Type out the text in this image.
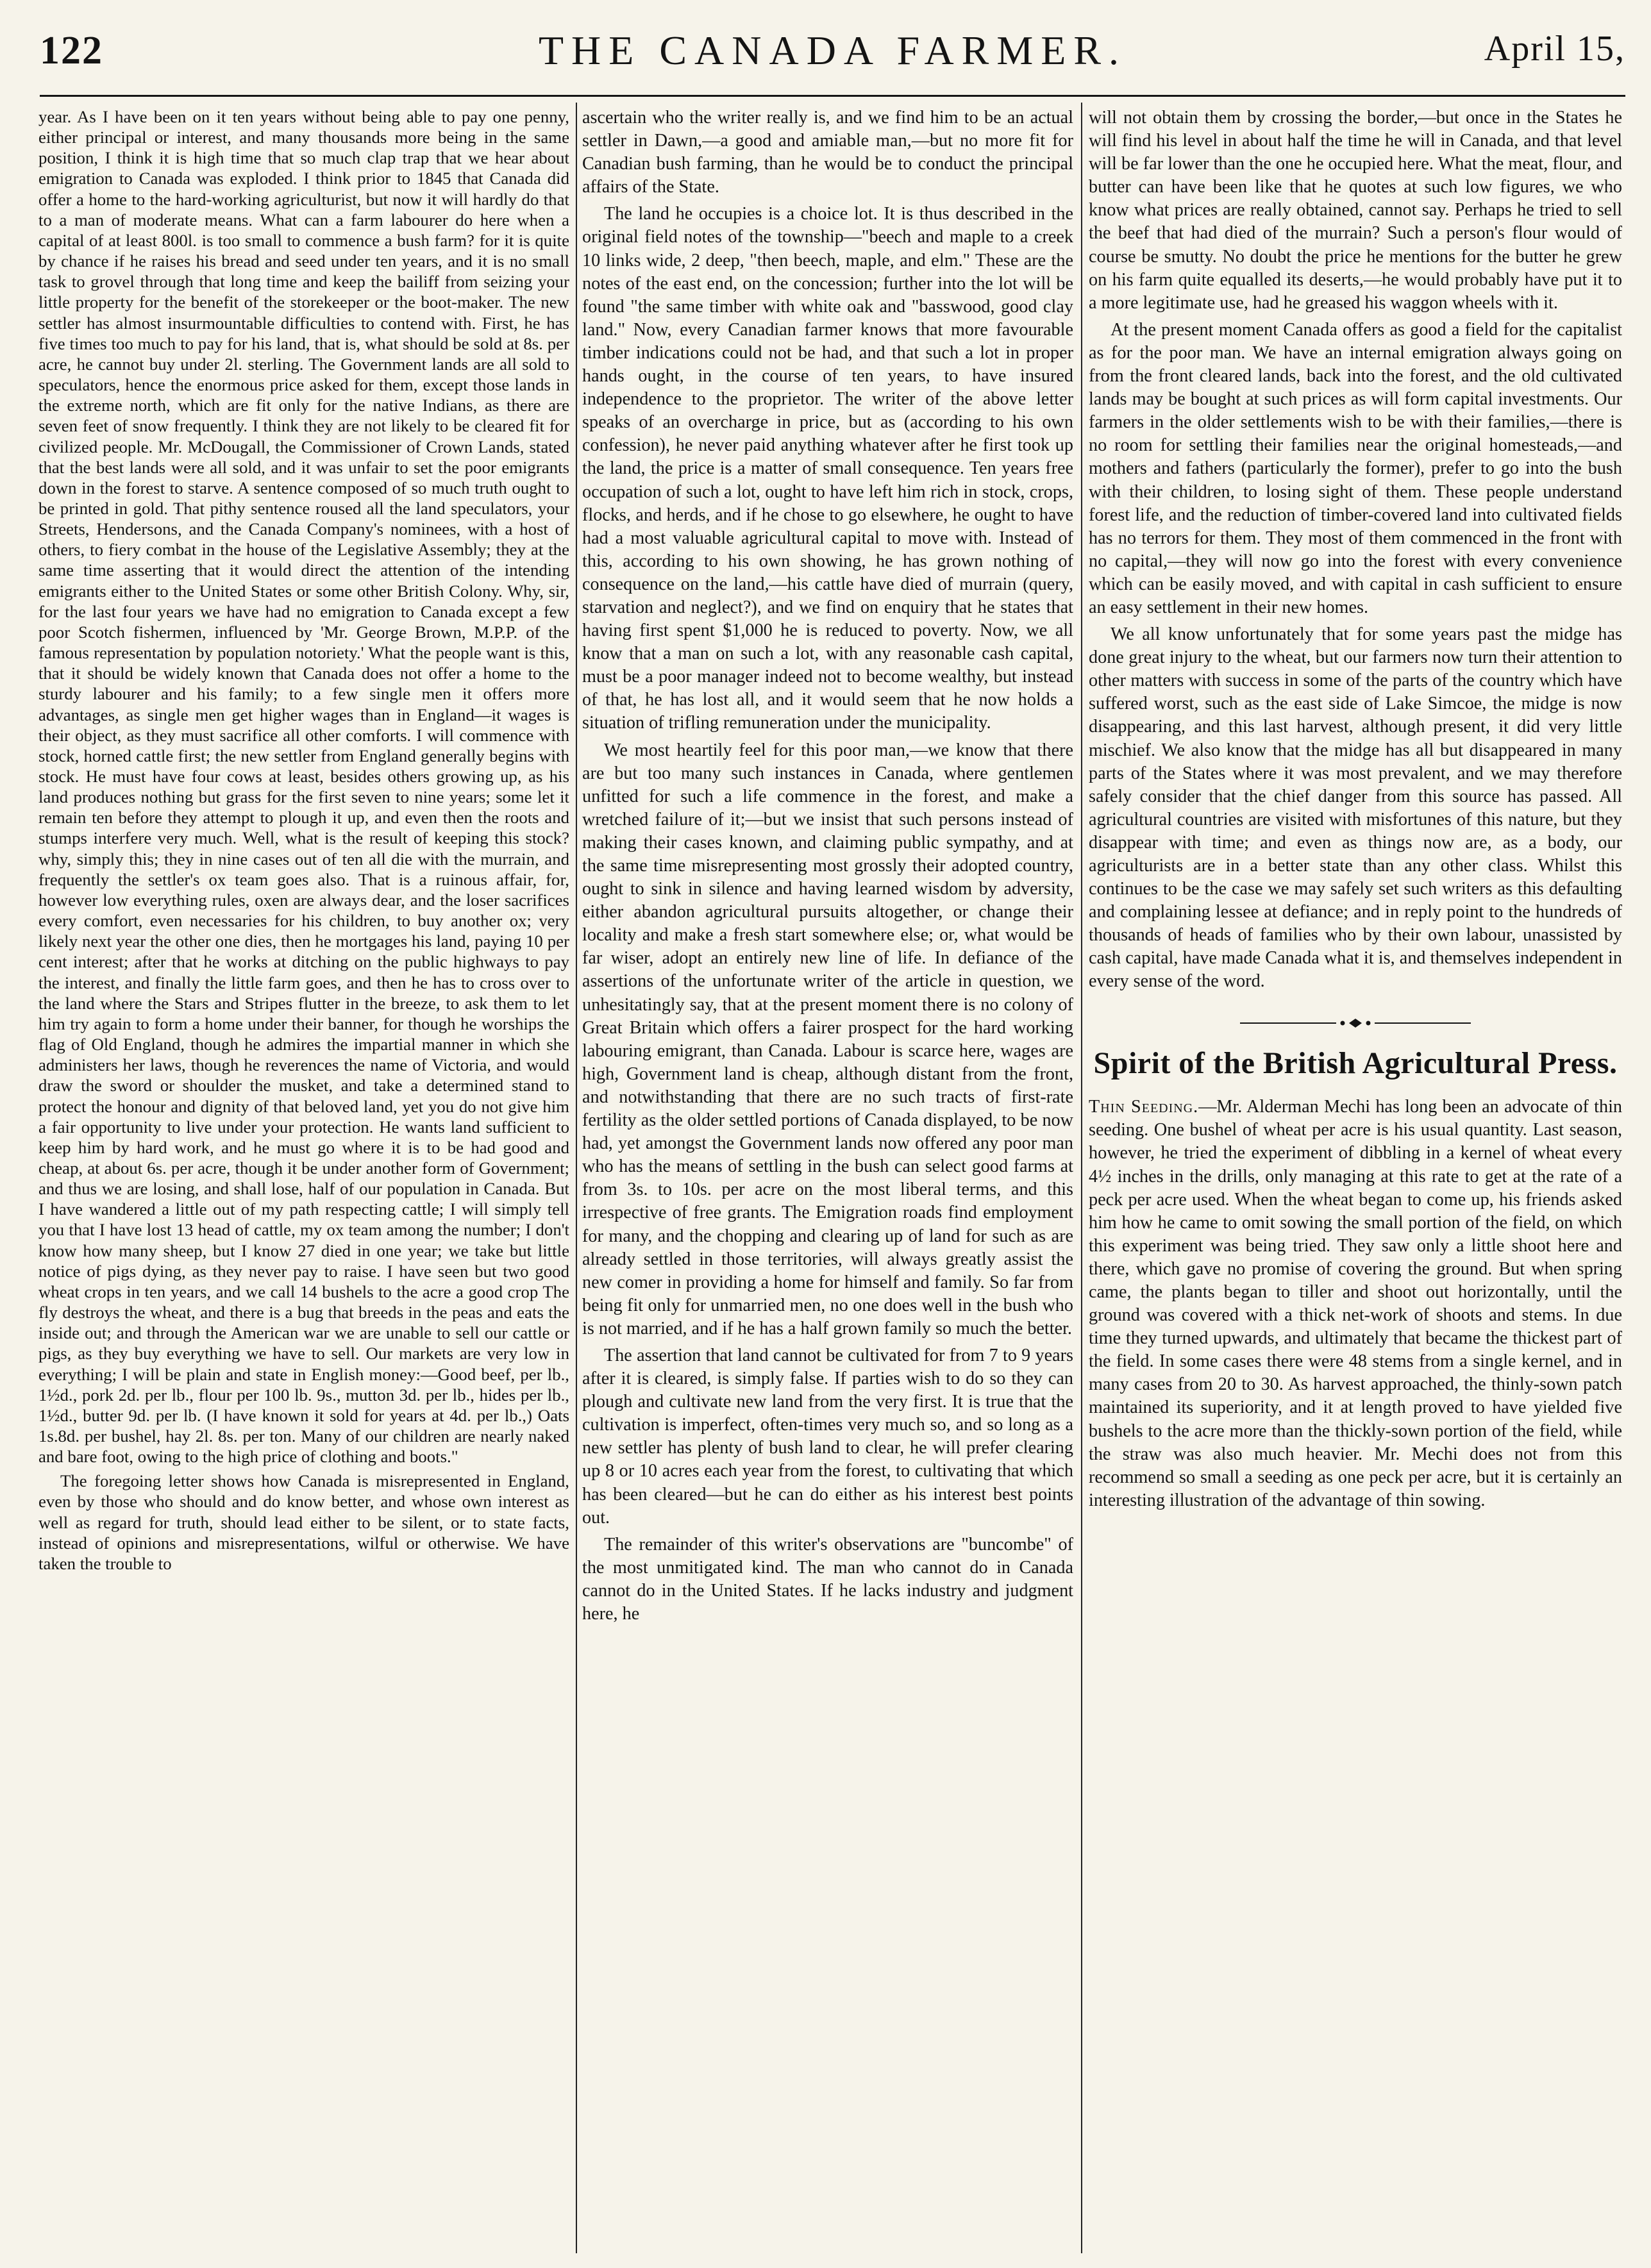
122	THE CANADA FARMER.	April 15,

year. As I have been on it ten years without being able to pay one penny, either principal or interest, and many thousands more being in the same position, I think it is high time that so much clap trap that we hear about emigration to Canada was exploded. I think prior to 1845 that Canada did offer a home to the hard-working agriculturist, but now it will hardly do that to a man of moderate means. What can a farm labourer do here when a capital of at least 800l. is too small to commence a bush farm? for it is quite by chance if he raises his bread and seed under ten years, and it is no small task to grovel through that long time and keep the bailiff from seizing your little property for the benefit of the storekeeper or the boot-maker. The new settler has almost insurmountable difficulties to contend with. First, he has five times too much to pay for his land, that is, what should be sold at 8s. per acre, he cannot buy under 2l. sterling. The Government lands are all sold to speculators, hence the enormous price asked for them, except those lands in the extreme north, which are fit only for the native Indians, as there are seven feet of snow frequently. I think they are not likely to be cleared fit for civilized people. Mr. McDougall, the Commissioner of Crown Lands, stated that the best lands were all sold, and it was unfair to set the poor emigrants down in the forest to starve. A sentence composed of so much truth ought to be printed in gold. That pithy sentence roused all the land speculators, your Streets, Hendersons, and the Canada Company's nominees, with a host of others, to fiery combat in the house of the Legislative Assembly; they at the same time asserting that it would direct the attention of the intending emigrants either to the United States or some other British Colony. Why, sir, for the last four years we have had no emigration to Canada except a few poor Scotch fishermen, influenced by 'Mr. George Brown, M.P.P. of the famous representation by population notoriety.' What the people want is this, that it should be widely known that Canada does not offer a home to the sturdy labourer and his family; to a few single men it offers more advantages, as single men get higher wages than in England—it wages is their object, as they must sacrifice all other comforts. I will commence with stock, horned cattle first; the new settler from England generally begins with stock. He must have four cows at least, besides others growing up, as his land produces nothing but grass for the first seven to nine years; some let it remain ten before they attempt to plough it up, and even then the roots and stumps interfere very much. Well, what is the result of keeping this stock? why, simply this; they in nine cases out of ten all die with the murrain, and frequently the settler's ox team goes also. That is a ruinous affair, for, however low everything rules, oxen are always dear, and the loser sacrifices every comfort, even necessaries for his children, to buy another ox; very likely next year the other one dies, then he mortgages his land, paying 10 per cent interest; after that he works at ditching on the public highways to pay the interest, and finally the little farm goes, and then he has to cross over to the land where the Stars and Stripes flutter in the breeze, to ask them to let him try again to form a home under their banner, for though he worships the flag of Old England, though he admires the impartial manner in which she administers her laws, though he reverences the name of Victoria, and would draw the sword or shoulder the musket, and take a determined stand to protect the honour and dignity of that beloved land, yet you do not give him a fair opportunity to live under your protection. He wants land sufficient to keep him by hard work, and he must go where it is to be had good and cheap, at about 6s. per acre, though it be under another form of Government; and thus we are losing, and shall lose, half of our population in Canada. But I have wandered a little out of my path respecting cattle; I will simply tell you that I have lost 13 head of cattle, my ox team among the number; I don't know how many sheep, but I know 27 died in one year; we take but little notice of pigs dying, as they never pay to raise. I have seen but two good wheat crops in ten years, and we call 14 bushels to the acre a good crop The fly destroys the wheat, and there is a bug that breeds in the peas and eats the inside out; and through the American war we are unable to sell our cattle or pigs, as they buy everything we have to sell. Our markets are very low in everything; I will be plain and state in English money:—Good beef, per lb., 1½d., pork 2d. per lb., flour per 100 lb. 9s., mutton 3d. per lb., hides per lb., 1½d., butter 9d. per lb. (I have known it sold for years at 4d. per lb.,) Oats 1s.8d. per bushel, hay 2l. 8s. per ton. Many of our children are nearly naked and bare foot, owing to the high price of clothing and boots."

The foregoing letter shows how Canada is misrepresented in England, even by those who should and do know better, and whose own interest as well as regard for truth, should lead either to be silent, or to state facts, instead of opinions and misrepresentations, wilful or otherwise. We have taken the trouble to

ascertain who the writer really is, and we find him to be an actual settler in Dawn,—a good and amiable man,—but no more fit for Canadian bush farming, than he would be to conduct the principal affairs of the State.

The land he occupies is a choice lot. It is thus described in the original field notes of the township—"beech and maple to a creek 10 links wide, 2 deep, "then beech, maple, and elm." These are the notes of the east end, on the concession; further into the lot will be found "the same timber with white oak and "basswood, good clay land." Now, every Canadian farmer knows that more favourable timber indications could not be had, and that such a lot in proper hands ought, in the course of ten years, to have insured independence to the proprietor. The writer of the above letter speaks of an overcharge in price, but as (according to his own confession), he never paid anything whatever after he first took up the land, the price is a matter of small consequence. Ten years free occupation of such a lot, ought to have left him rich in stock, crops, flocks, and herds, and if he chose to go elsewhere, he ought to have had a most valuable agricultural capital to move with. Instead of this, according to his own showing, he has grown nothing of consequence on the land,—his cattle have died of murrain (query, starvation and neglect?), and we find on enquiry that he states that having first spent $1,000 he is reduced to poverty. Now, we all know that a man on such a lot, with any reasonable cash capital, must be a poor manager indeed not to become wealthy, but instead of that, he has lost all, and it would seem that he now holds a situation of trifling remuneration under the municipality.

We most heartily feel for this poor man,—we know that there are but too many such instances in Canada, where gentlemen unfitted for such a life commence in the forest, and make a wretched failure of it;—but we insist that such persons instead of making their cases known, and claiming public sympathy, and at the same time misrepresenting most grossly their adopted country, ought to sink in silence and having learned wisdom by adversity, either abandon agricultural pursuits altogether, or change their locality and make a fresh start somewhere else; or, what would be far wiser, adopt an entirely new line of life. In defiance of the assertions of the unfortunate writer of the article in question, we unhesitatingly say, that at the present moment there is no colony of Great Britain which offers a fairer prospect for the hard working labouring emigrant, than Canada. Labour is scarce here, wages are high, Government land is cheap, although distant from the front, and notwithstanding that there are no such tracts of first-rate fertility as the older settled portions of Canada displayed, to be now had, yet amongst the Government lands now offered any poor man who has the means of settling in the bush can select good farms at from 3s. to 10s. per acre on the most liberal terms, and this irrespective of free grants. The Emigration roads find employment for many, and the chopping and clearing up of land for such as are already settled in those territories, will always greatly assist the new comer in providing a home for himself and family. So far from being fit only for unmarried men, no one does well in the bush who is not married, and if he has a half grown family so much the better.

The assertion that land cannot be cultivated for from 7 to 9 years after it is cleared, is simply false. If parties wish to do so they can plough and cultivate new land from the very first. It is true that the cultivation is imperfect, often-times very much so, and so long as a new settler has plenty of bush land to clear, he will prefer clearing up 8 or 10 acres each year from the forest, to cultivating that which has been cleared—but he can do either as his interest best points out.

The remainder of this writer's observations are "buncombe" of the most unmitigated kind. The man who cannot do in Canada cannot do in the United States. If he lacks industry and judgment here, he

will not obtain them by crossing the border,—but once in the States he will find his level in about half the time he will in Canada, and that level will be far lower than the one he occupied here. What the meat, flour, and butter can have been like that he quotes at such low figures, we who know what prices are really obtained, cannot say. Perhaps he tried to sell the beef that had died of the murrain? Such a person's flour would of course be smutty. No doubt the price he mentions for the butter he grew on his farm quite equalled its deserts,—he would probably have put it to a more legitimate use, had he greased his waggon wheels with it.

At the present moment Canada offers as good a field for the capitalist as for the poor man. We have an internal emigration always going on from the front cleared lands, back into the forest, and the old cultivated lands may be bought at such prices as will form capital investments. Our farmers in the older settlements wish to be with their families,—there is no room for settling their families near the original homesteads,—and mothers and fathers (particularly the former), prefer to go into the bush with their children, to losing sight of them. These people understand forest life, and the reduction of timber-covered land into cultivated fields has no terrors for them. They most of them commenced in the front with no capital,—they will now go into the forest with every convenience which can be easily moved, and with capital in cash sufficient to ensure an easy settlement in their new homes.

We all know unfortunately that for some years past the midge has done great injury to the wheat, but our farmers now turn their attention to other matters with success in some of the parts of the country which have suffered worst, such as the east side of Lake Simcoe, the midge is now disappearing, and this last harvest, although present, it did very little mischief. We also know that the midge has all but disappeared in many parts of the States where it was most prevalent, and we may therefore safely consider that the chief danger from this source has passed. All agricultural countries are visited with misfortunes of this nature, but they disappear with time; and even as things now are, as a body, our agriculturists are in a better state than any other class. Whilst this continues to be the case we may safely set such writers as this defaulting and complaining lessee at defiance; and in reply point to the hundreds of thousands of heads of families who by their own labour, unassisted by cash capital, have made Canada what it is, and themselves independent in every sense of the word.

Spirit of the British Agricultural Press.

Thin Seeding.—Mr. Alderman Mechi has long been an advocate of thin seeding. One bushel of wheat per acre is his usual quantity. Last season, however, he tried the experiment of dibbling in a kernel of wheat every 4½ inches in the drills, only managing at this rate to get at the rate of a peck per acre used. When the wheat began to come up, his friends asked him how he came to omit sowing the small portion of the field, on which this experiment was being tried. They saw only a little shoot here and there, which gave no promise of covering the ground. But when spring came, the plants began to tiller and shoot out horizontally, until the ground was covered with a thick net-work of shoots and stems. In due time they turned upwards, and ultimately that became the thickest part of the field. In some cases there were 48 stems from a single kernel, and in many cases from 20 to 30. As harvest approached, the thinly-sown patch maintained its superiority, and it at length proved to have yielded five bushels to the acre more than the thickly-sown portion of the field, while the straw was also much heavier. Mr. Mechi does not from this recommend so small a seeding as one peck per acre, but it is certainly an interesting illustration of the advantage of thin sowing.
